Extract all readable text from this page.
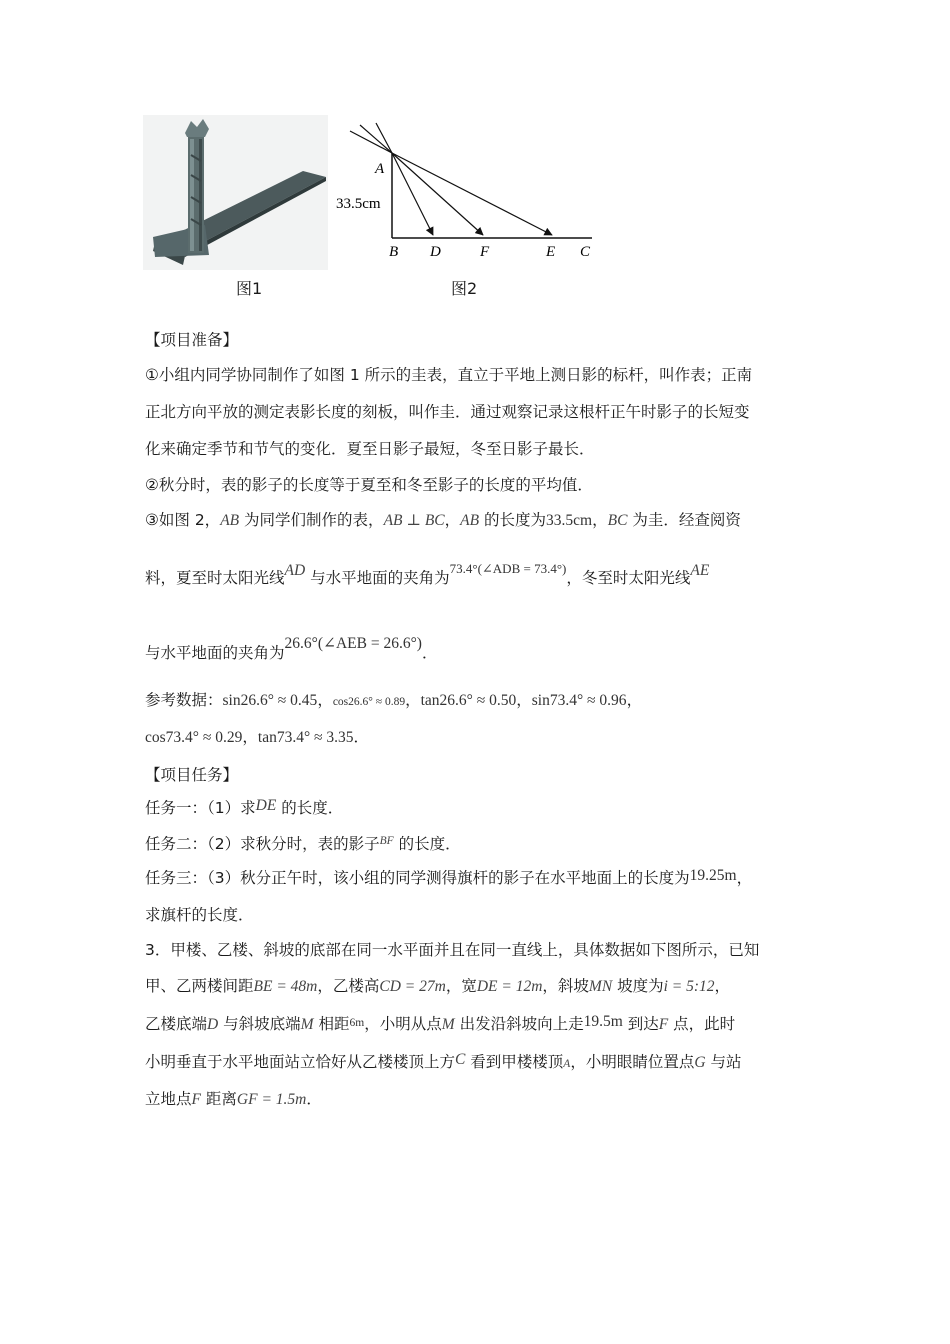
图1
A
33.5cm
B D	F	E C
图2
【项目准备】
①小组内同学协同制作了如图 1 所示的圭表，直立于平地上测日影的标杆，叫作表；正南
正北方向平放的测定表影长度的刻板，叫作圭．通过观察记录这根杆正午时影子的长短变
化来确定季节和节气的变化．夏至日影子最短，冬至日影子最长．
②秋分时，表的影子的长度等于夏至和冬至影子的长度的平均值．
③如图 2，AB 为同学们制作的表，AB ⊥ BC，AB 的长度为33.5cm，BC 为圭．经查阅资
料，夏至时太阳光线AD 与水平地面的夹角为$^{73.4^\circ(\angle ADB = 73.4^\circ)}$，冬至时太阳光线AE
与水平地面的夹角为26.6°(∠AEB = 26.6°)．
参考数据：sin26.6° ≈ 0.45，cos26.6° ≈ 0.89，tan26.6° ≈ 0.50，sin73.4° ≈ 0.96，
cos73.4° ≈ 0.29，tan73.4° ≈ 3.35．
【项目任务】
任务一：（1）求DE 的长度．
任务二：（2）求秋分时，表的影子$^{BF}$ 的长度．
任务三：（3）秋分正午时，该小组的同学测得旗杆的影子在水平地面上的长度为19.25m，
求旗杆的长度．
3．甲楼、乙楼、斜坡的底部在同一水平面并且在同一直线上，具体数据如下图所示，已知
甲、乙两楼间距BE = 48m，乙楼高CD = 27m，宽DE = 12m，斜坡MN 坡度为i = 5:12，
乙楼底端D 与斜坡底端M 相距6m，小明从点M 出发沿斜坡向上走19.5m 到达F 点，此时
小明垂直于水平地面站立恰好从乙楼楼顶上方C 看到甲楼楼顶A，小明眼睛位置点G 与站
立地点F 距离GF = 1.5m．
